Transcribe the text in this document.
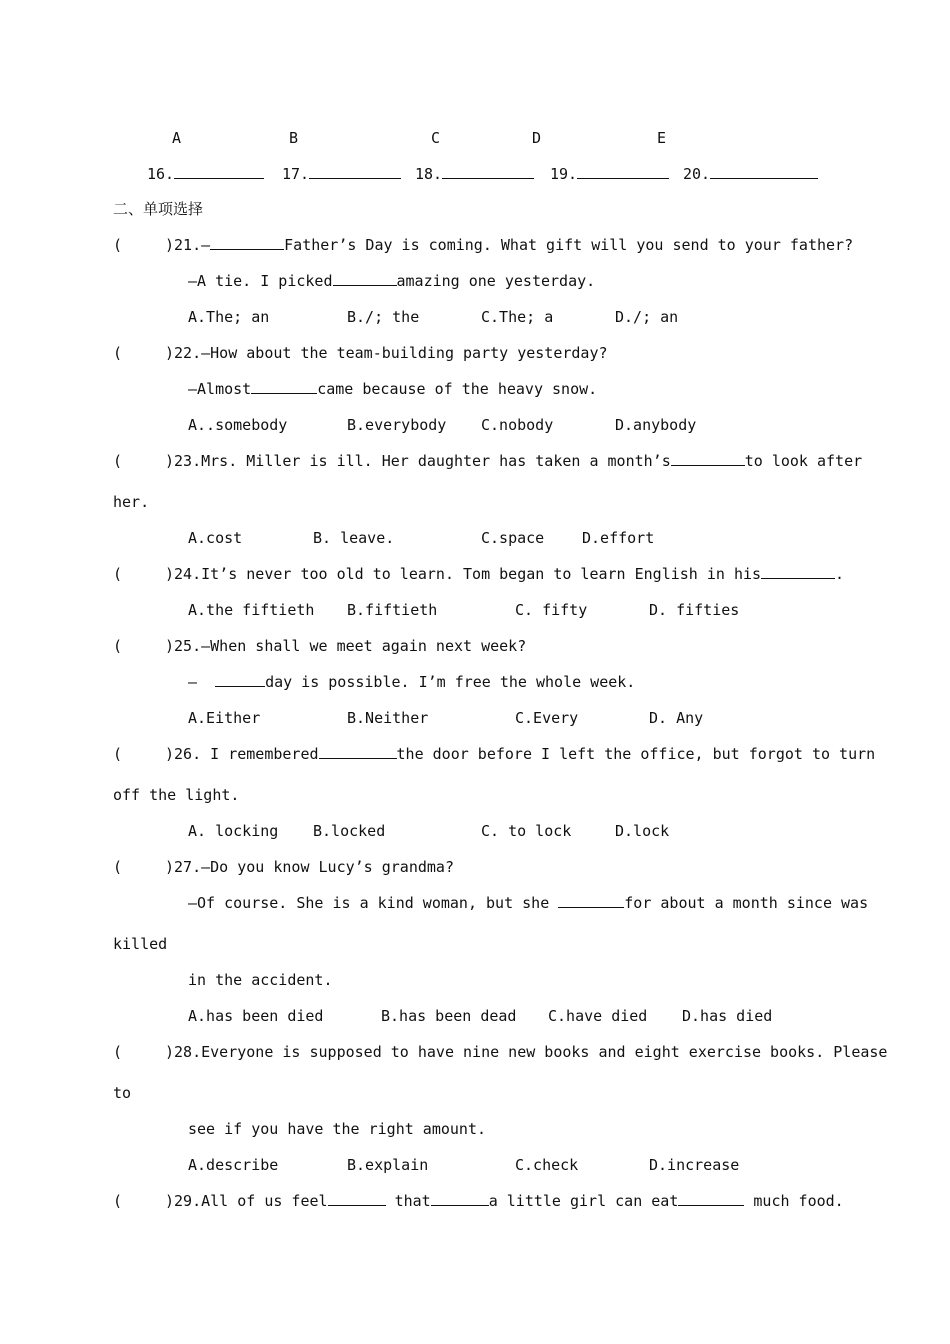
A	B	C	D	E
16.	17.	18.	19.	20.
二、单项选择
(	)21.—	Father’s Day is coming. What gift will you send to your father?
—A tie. I picked	amazing one yesterday.
A.The; an	B./; the	C.The; a	D./; an
(	)22.—How about the team-building party yesterday?
—Almost	came because of the heavy snow.
A..somebody	B.everybody C.nobody	D.anybody
(	)23.Mrs. Miller is ill. Her daughter has taken a month’s	to look after
her.
A.cost	B. leave.	C.space	D.effort
(	)24.It’s never too old to learn. Tom began to learn English in his	.
A.the fiftieth B.fiftieth	C. fifty	D. fifties
(	)25.—When shall we meet again next week?
—	day is possible. I’m free the whole week.
A.Either	B.Neither	C.Every	D. Any
(	)26. I remembered	the door before I left the office, but forgot to turn
off the light.
A. locking B.locked	C. to lock	D.lock
(	)27.—Do you know Lucy’s grandma?
—Of course. She is a kind woman, but she	for about a month since was
killed
in the accident.
A.has been died	B.has been dead C.have died D.has died
(	)28.Everyone is supposed to have nine new books and eight exercise books. Please
to
see if you have the right amount.
A.describe	B.explain	C.check	D.increase
(	)29.All of us feel	that	a little girl can eat	much food.
